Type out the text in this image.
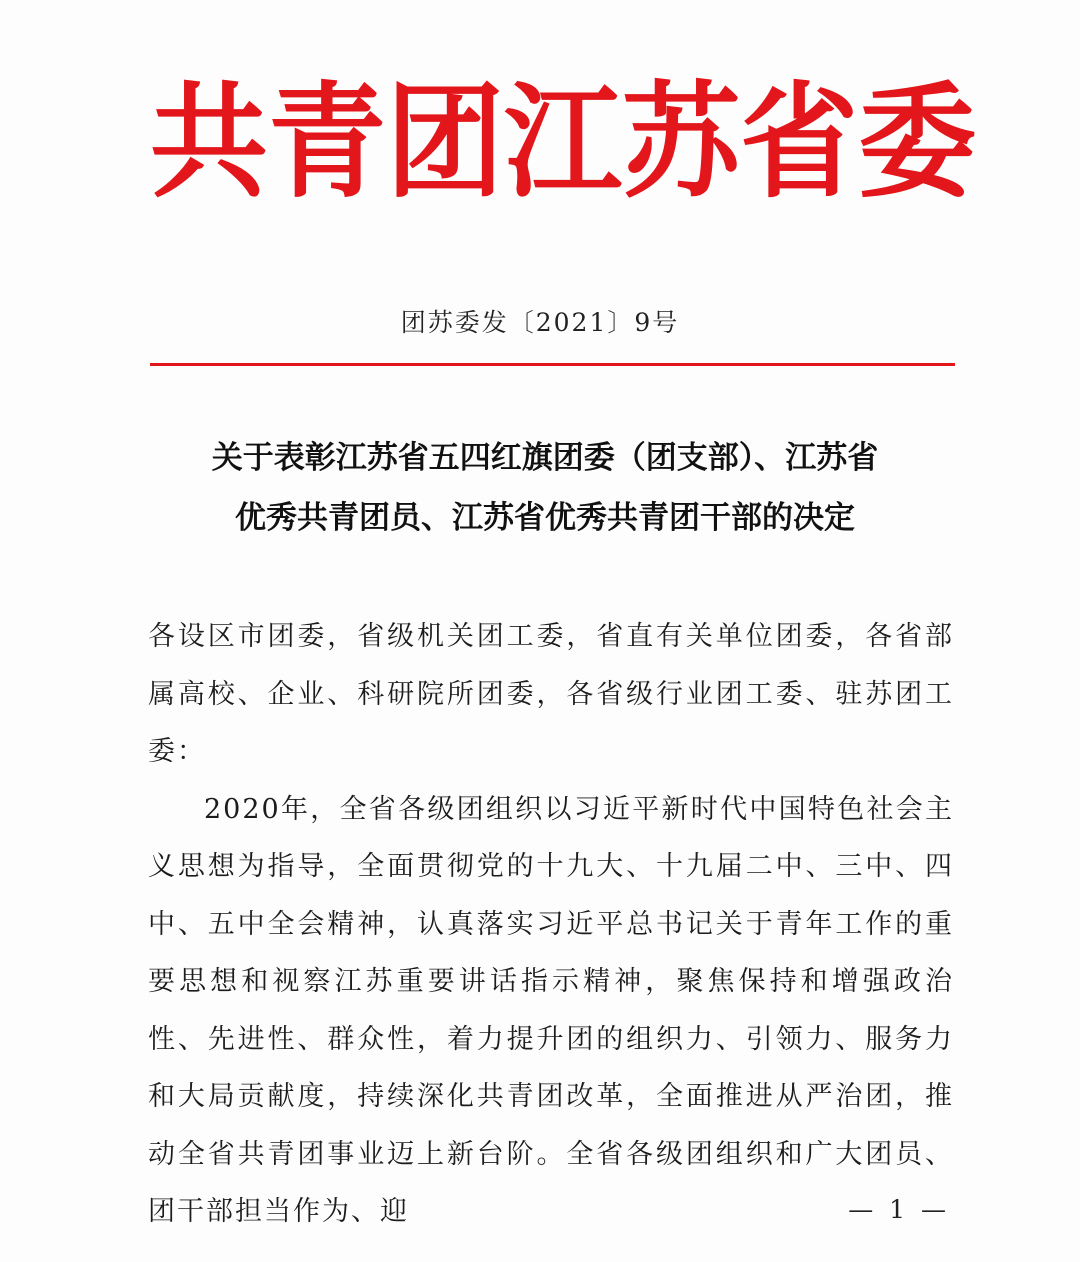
共 青 团 江 苏 省 委
团苏委发〔2021〕9号
关于表彰江苏省五四红旗团委（团支部）、江苏省
优秀共青团员、江苏省优秀共青团干部的决定

各设区市团委，省级机关团工委，省直有关单位团委，各省部属高校、企业、科研院所团委，各省级行业团工委、驻苏团工委：

2020年，全省各级团组织以习近平新时代中国特色社会主义思想为指导，全面贯彻党的十九大、十九届二中、三中、四中、五中全会精神，认真落实习近平总书记关于青年工作的重要思想和视察江苏重要讲话指示精神，聚焦保持和增强政治性、先进性、群众性，着力提升团的组织力、引领力、服务力和大局贡献度，持续深化共青团改革，全面推进从严治团，推动全省共青团事业迈上新台阶。全省各级团组织和广大团员、团干部担当作为、迎	— 1 —
